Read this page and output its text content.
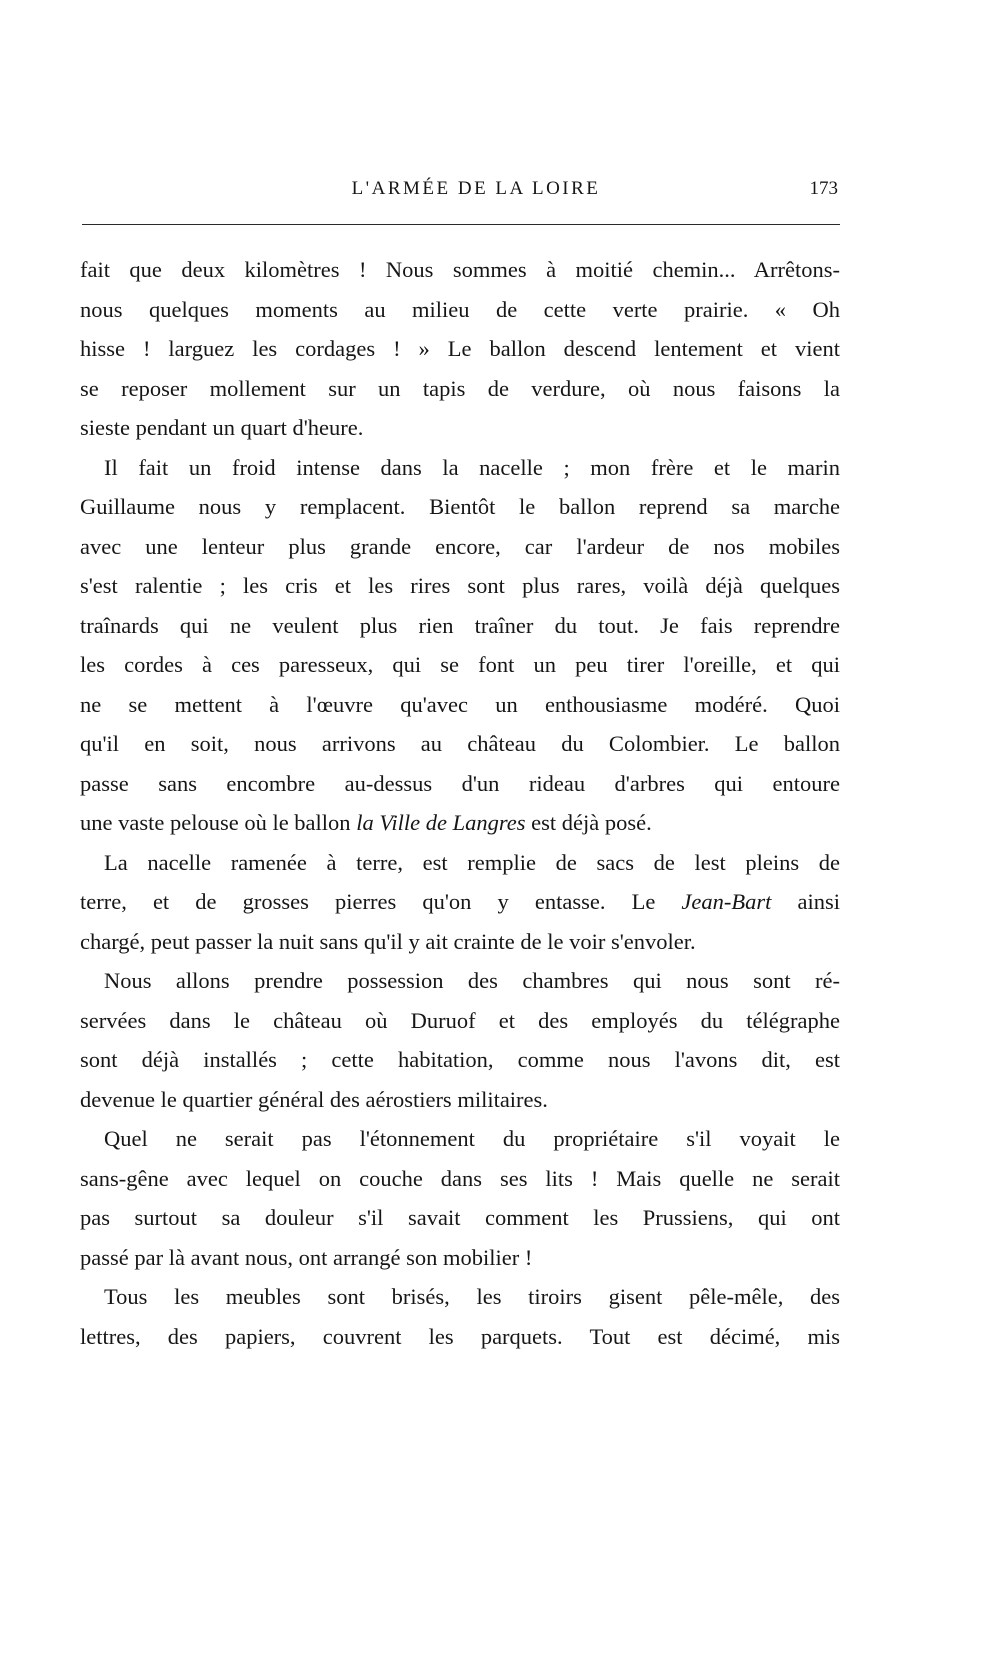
L'ARMÉE DE LA LOIRE	173

fait que deux kilomètres ! Nous sommes à moitié chemin... Arrêtons-
nous quelques moments au milieu de cette verte prairie. « Oh
hisse ! larguez les cordages ! » Le ballon descend lentement et vient
se reposer mollement sur un tapis de verdure, où nous faisons la
sieste pendant un quart d'heure.

Il fait un froid intense dans la nacelle ; mon frère et le marin
Guillaume nous y remplacent. Bientôt le ballon reprend sa marche
avec une lenteur plus grande encore, car l'ardeur de nos mobiles
s'est ralentie ; les cris et les rires sont plus rares, voilà déjà quelques
traînards qui ne veulent plus rien traîner du tout. Je fais reprendre
les cordes à ces paresseux, qui se font un peu tirer l'oreille, et qui
ne se mettent à l'œuvre qu'avec un enthousiasme modéré. Quoi
qu'il en soit, nous arrivons au château du Colombier. Le ballon
passe sans encombre au-dessus d'un rideau d'arbres qui entoure
une vaste pelouse où le ballon la Ville de Langres est déjà posé.

La nacelle ramenée à terre, est remplie de sacs de lest pleins de
terre, et de grosses pierres qu'on y entasse. Le Jean-Bart ainsi
chargé, peut passer la nuit sans qu'il y ait crainte de le voir s'envoler.

Nous allons prendre possession des chambres qui nous sont ré-
servées dans le château où Duruof et des employés du télégraphe
sont déjà installés ; cette habitation, comme nous l'avons dit, est
devenue le quartier général des aérostiers militaires.

Quel ne serait pas l'étonnement du propriétaire s'il voyait le
sans-gêne avec lequel on couche dans ses lits ! Mais quelle ne serait
pas surtout sa douleur s'il savait comment les Prussiens, qui ont
passé par là avant nous, ont arrangé son mobilier !

Tous les meubles sont brisés, les tiroirs gisent pêle-mêle, des
lettres, des papiers, couvrent les parquets. Tout est décimé, mis
